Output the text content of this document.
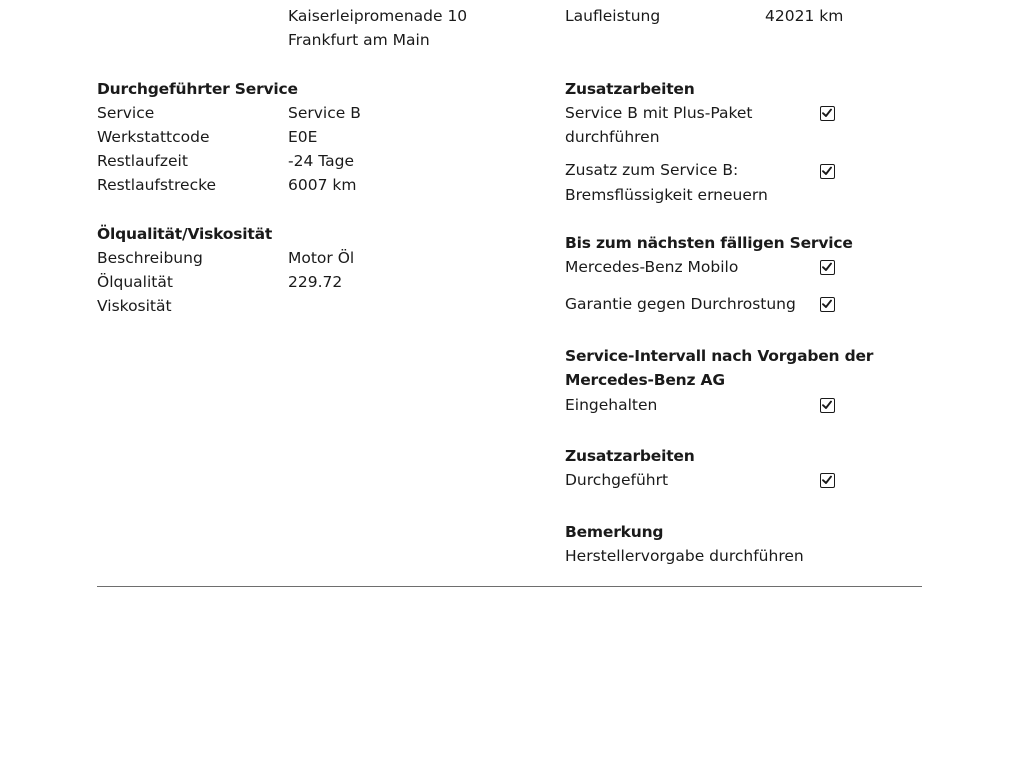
Kaiserleipromenade 10
Frankfurt am Main
Laufleistung	42021 km
Durchgeführter Service
Service	Service B
Werkstattcode	E0E
Restlaufzeit	-24 Tage
Restlaufstrecke	6007 km
Ölqualität/Viskosität
Beschreibung	Motor Öl
Ölqualität	229.72
Viskosität
Zusatzarbeiten
Service B mit Plus-Paket
durchführen
Zusatz zum Service B:
Bremsflüssigkeit erneuern
Bis zum nächsten fälligen Service
Mercedes-Benz Mobilo
Garantie gegen Durchrostung
Service-Intervall nach Vorgaben der
Mercedes-Benz AG
Eingehalten
Zusatzarbeiten
Durchgeführt
Bemerkung
Herstellervorgabe durchführen
